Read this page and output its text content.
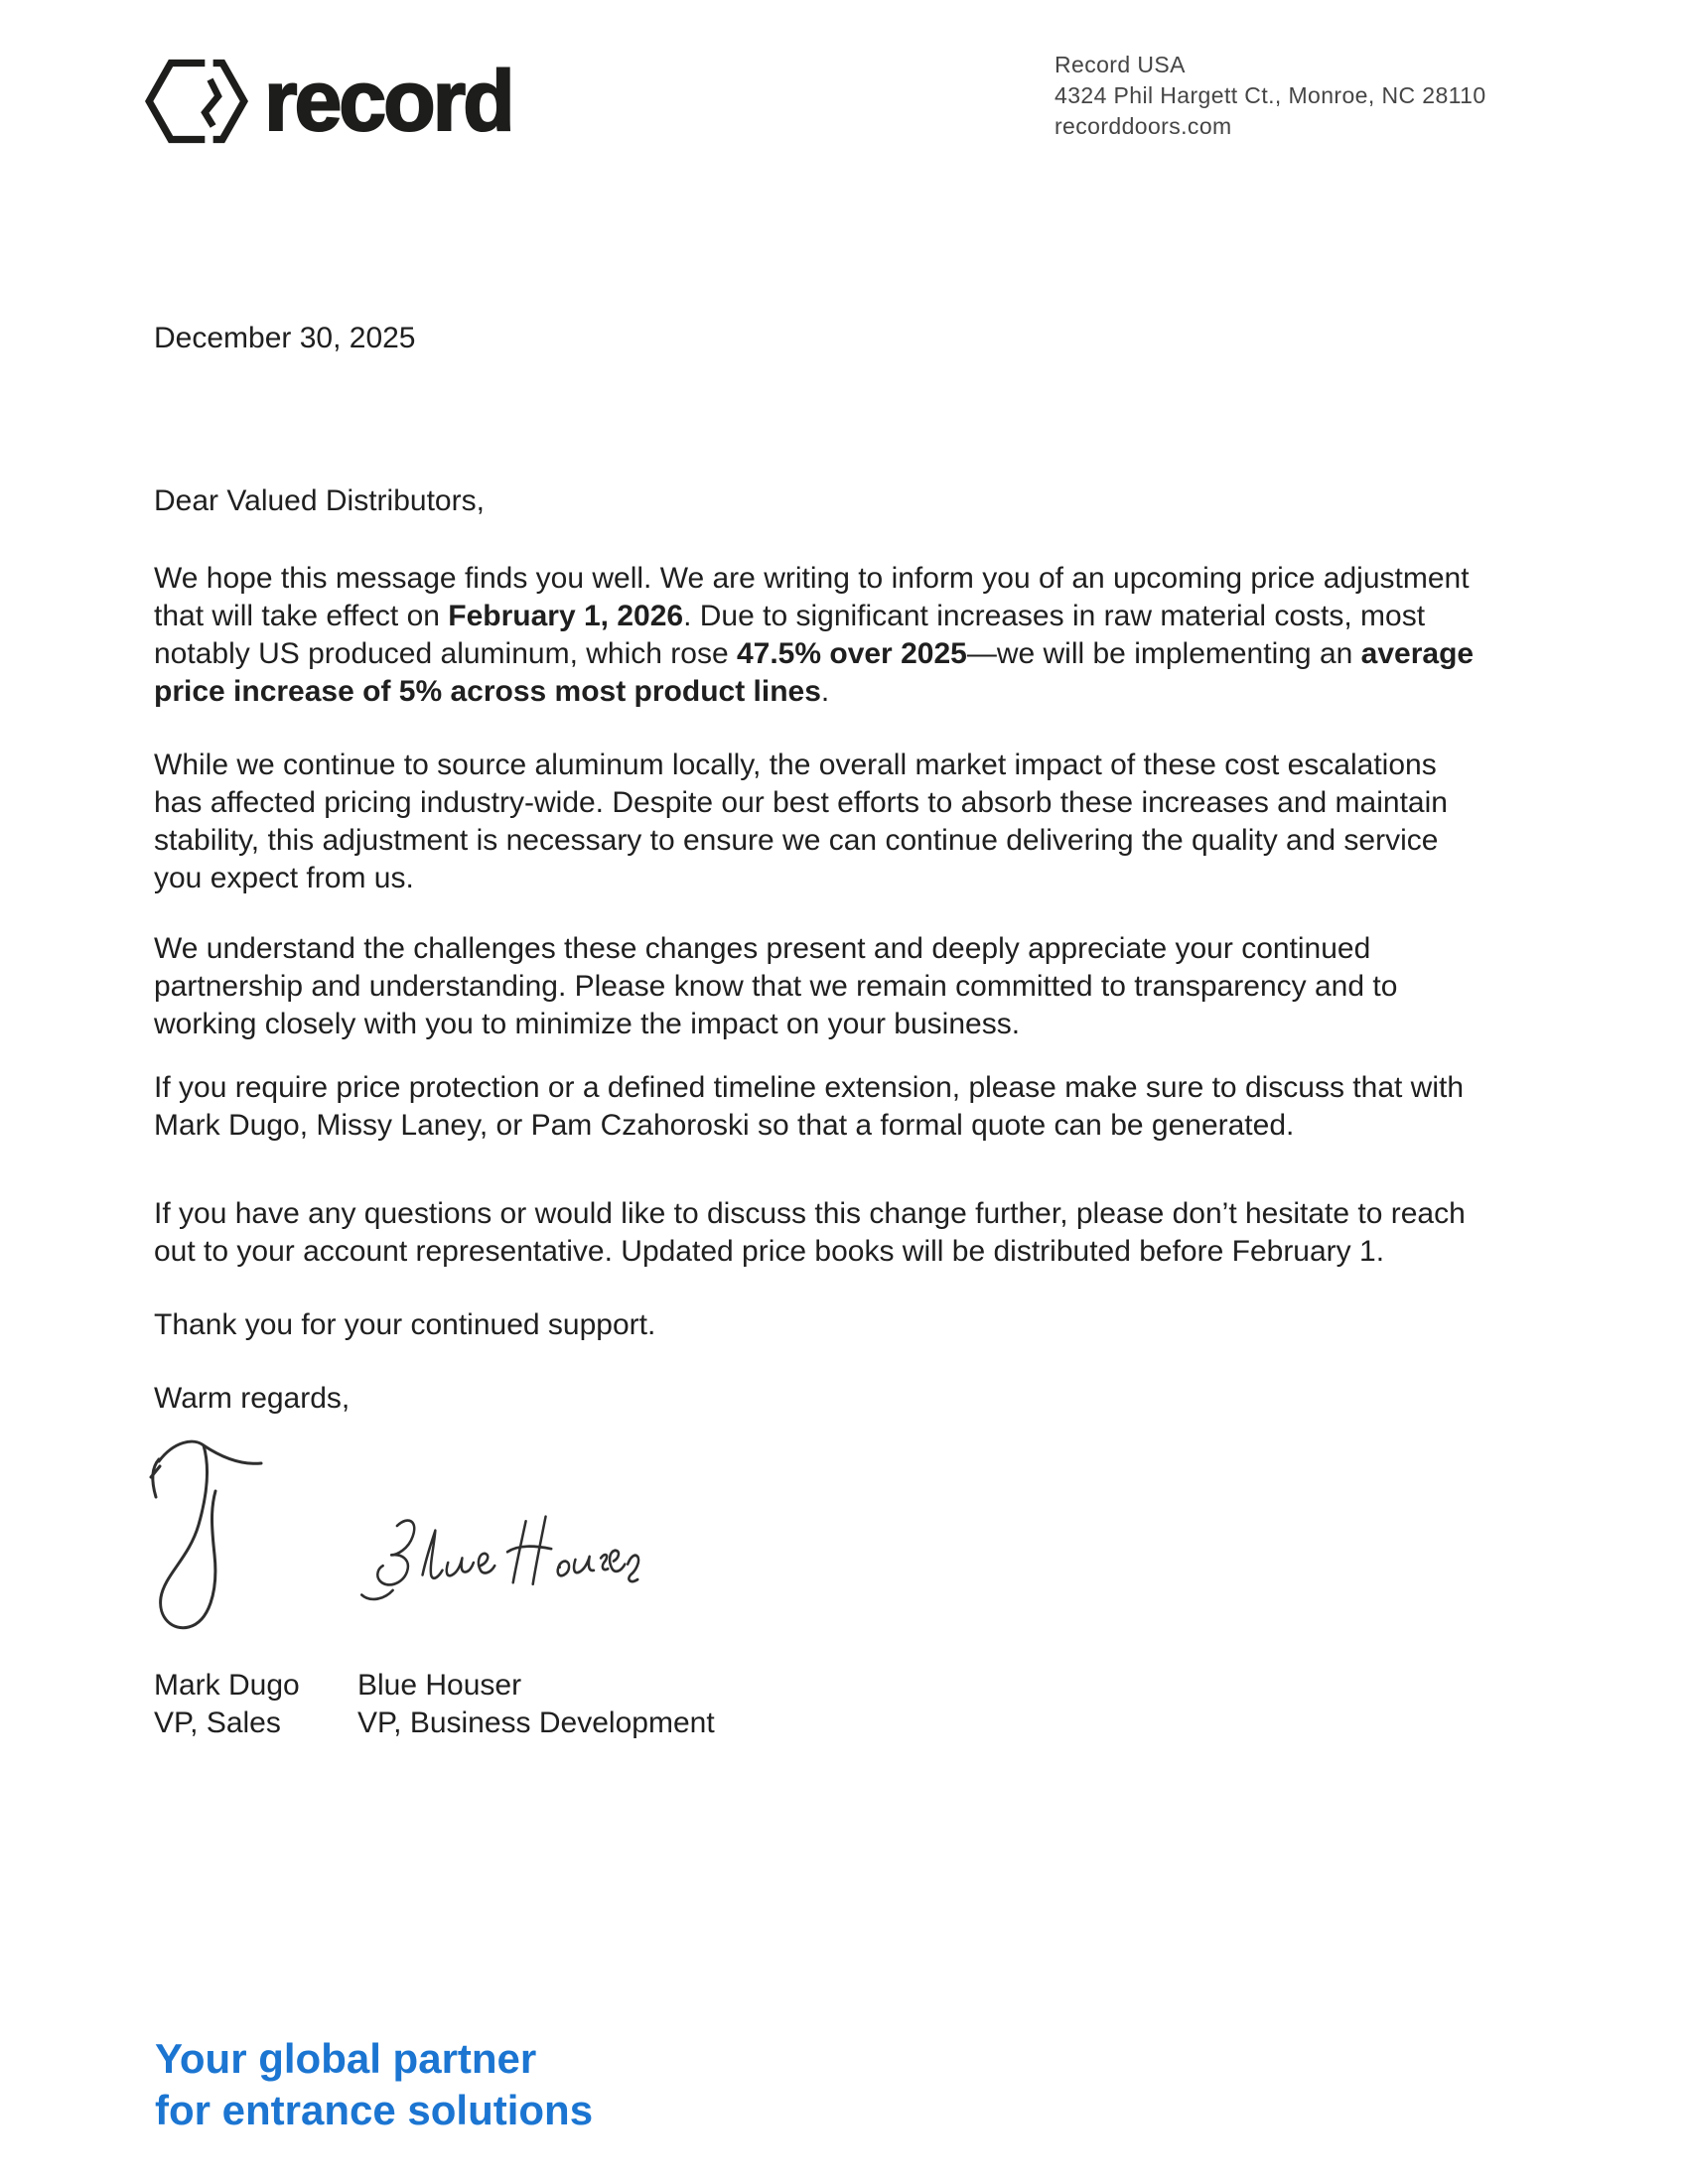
record	Record USA
4324 Phil Hargett Ct., Monroe, NC 28110
recorddoors.com

December 30, 2025

Dear Valued Distributors,

We hope this message finds you well. We are writing to inform you of an upcoming price adjustment that will take effect on February 1, 2026. Due to significant increases in raw material costs, most notably US produced aluminum, which rose 47.5% over 2025—we will be implementing an average price increase of 5% across most product lines.

While we continue to source aluminum locally, the overall market impact of these cost escalations has affected pricing industry-wide. Despite our best efforts to absorb these increases and maintain stability, this adjustment is necessary to ensure we can continue delivering the quality and service you expect from us.

We understand the challenges these changes present and deeply appreciate your continued partnership and understanding. Please know that we remain committed to transparency and to working closely with you to minimize the impact on your business.

If you require price protection or a defined timeline extension, please make sure to discuss that with Mark Dugo, Missy Laney, or Pam Czahoroski so that a formal quote can be generated.

If you have any questions or would like to discuss this change further, please don’t hesitate to reach out to your account representative. Updated price books will be distributed before February 1.

Thank you for your continued support.

Warm regards,

Mark Dugo
VP, Sales
Blue Houser
VP, Business Development
Your global partner
for entrance solutions
